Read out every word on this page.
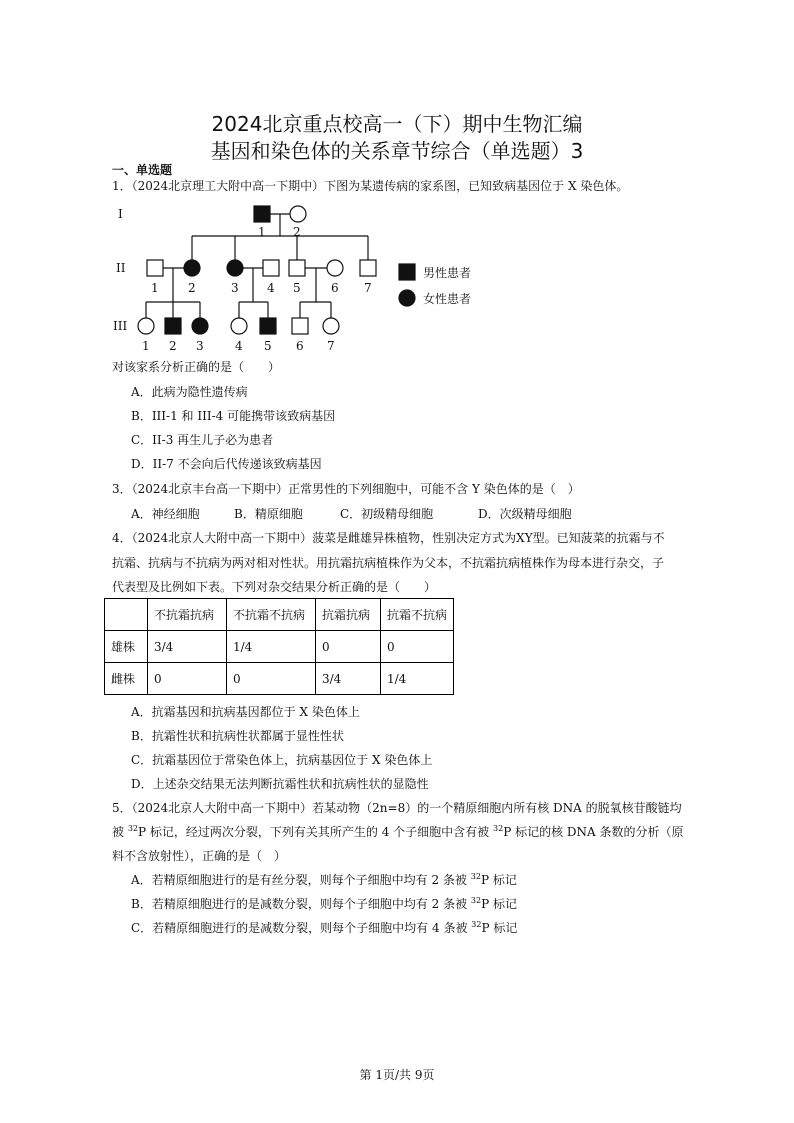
2024北京重点校高一（下）期中生物汇编
基因和染色体的关系章节综合（单选题）3
一、单选题
1．（2024北京理工大附中高一下期中）下图为某遗传病的家系图，已知致病基因位于 X 染色体。
I
II
III
1 2
1 2	3 4 5	6 7
1 2 3	4 5 6 7
男性患者
女性患者
对该家系分析正确的是（　　）
A．此病为隐性遗传病
B．III-1 和 III-4 可能携带该致病基因
C．II-3 再生儿子必为患者
D．II-7 不会向后代传递该致病基因
3．（2024北京丰台高一下期中）正常男性的下列细胞中，可能不含 Y 染色体的是（　）
A．神经细胞	B．精原细胞	C．初级精母细胞	D．次级精母细胞
4．（2024北京人大附中高一下期中）菠菜是雌雄异株植物，性别决定方式为XY型。已知菠菜的抗霜与不
抗霜、抗病与不抗病为两对相对性状。用抗霜抗病植株作为父本，不抗霜抗病植株作为母本进行杂交，子
代表型及比例如下表。下列对杂交结果分析正确的是（　　）
	不抗霜抗病	不抗霜不抗病	抗霜抗病	抗霜不抗病
雄株	3/4	1/4	0	0
雌株	0	0	3/4	1/4
A．抗霜基因和抗病基因都位于 X 染色体上
B．抗霜性状和抗病性状都属于显性性状
C．抗霜基因位于常染色体上，抗病基因位于 X 染色体上
D．上述杂交结果无法判断抗霜性状和抗病性状的显隐性
5．（2024北京人大附中高一下期中）若某动物（2n=8）的一个精原细胞内所有核 DNA 的脱氧核苷酸链均
被 $^{32}$P 标记，经过两次分裂，下列有关其所产生的 4 个子细胞中含有被 $^{32}$P 标记的核 DNA 条数的分析（原
料不含放射性），正确的是（　）
A．若精原细胞进行的是有丝分裂，则每个子细胞中均有 2 条被 $^{32}$P 标记
B．若精原细胞进行的是减数分裂，则每个子细胞中均有 2 条被 $^{32}$P 标记
C．若精原细胞进行的是减数分裂，则每个子细胞中均有 4 条被 $^{32}$P 标记
第 1页/共 9页
